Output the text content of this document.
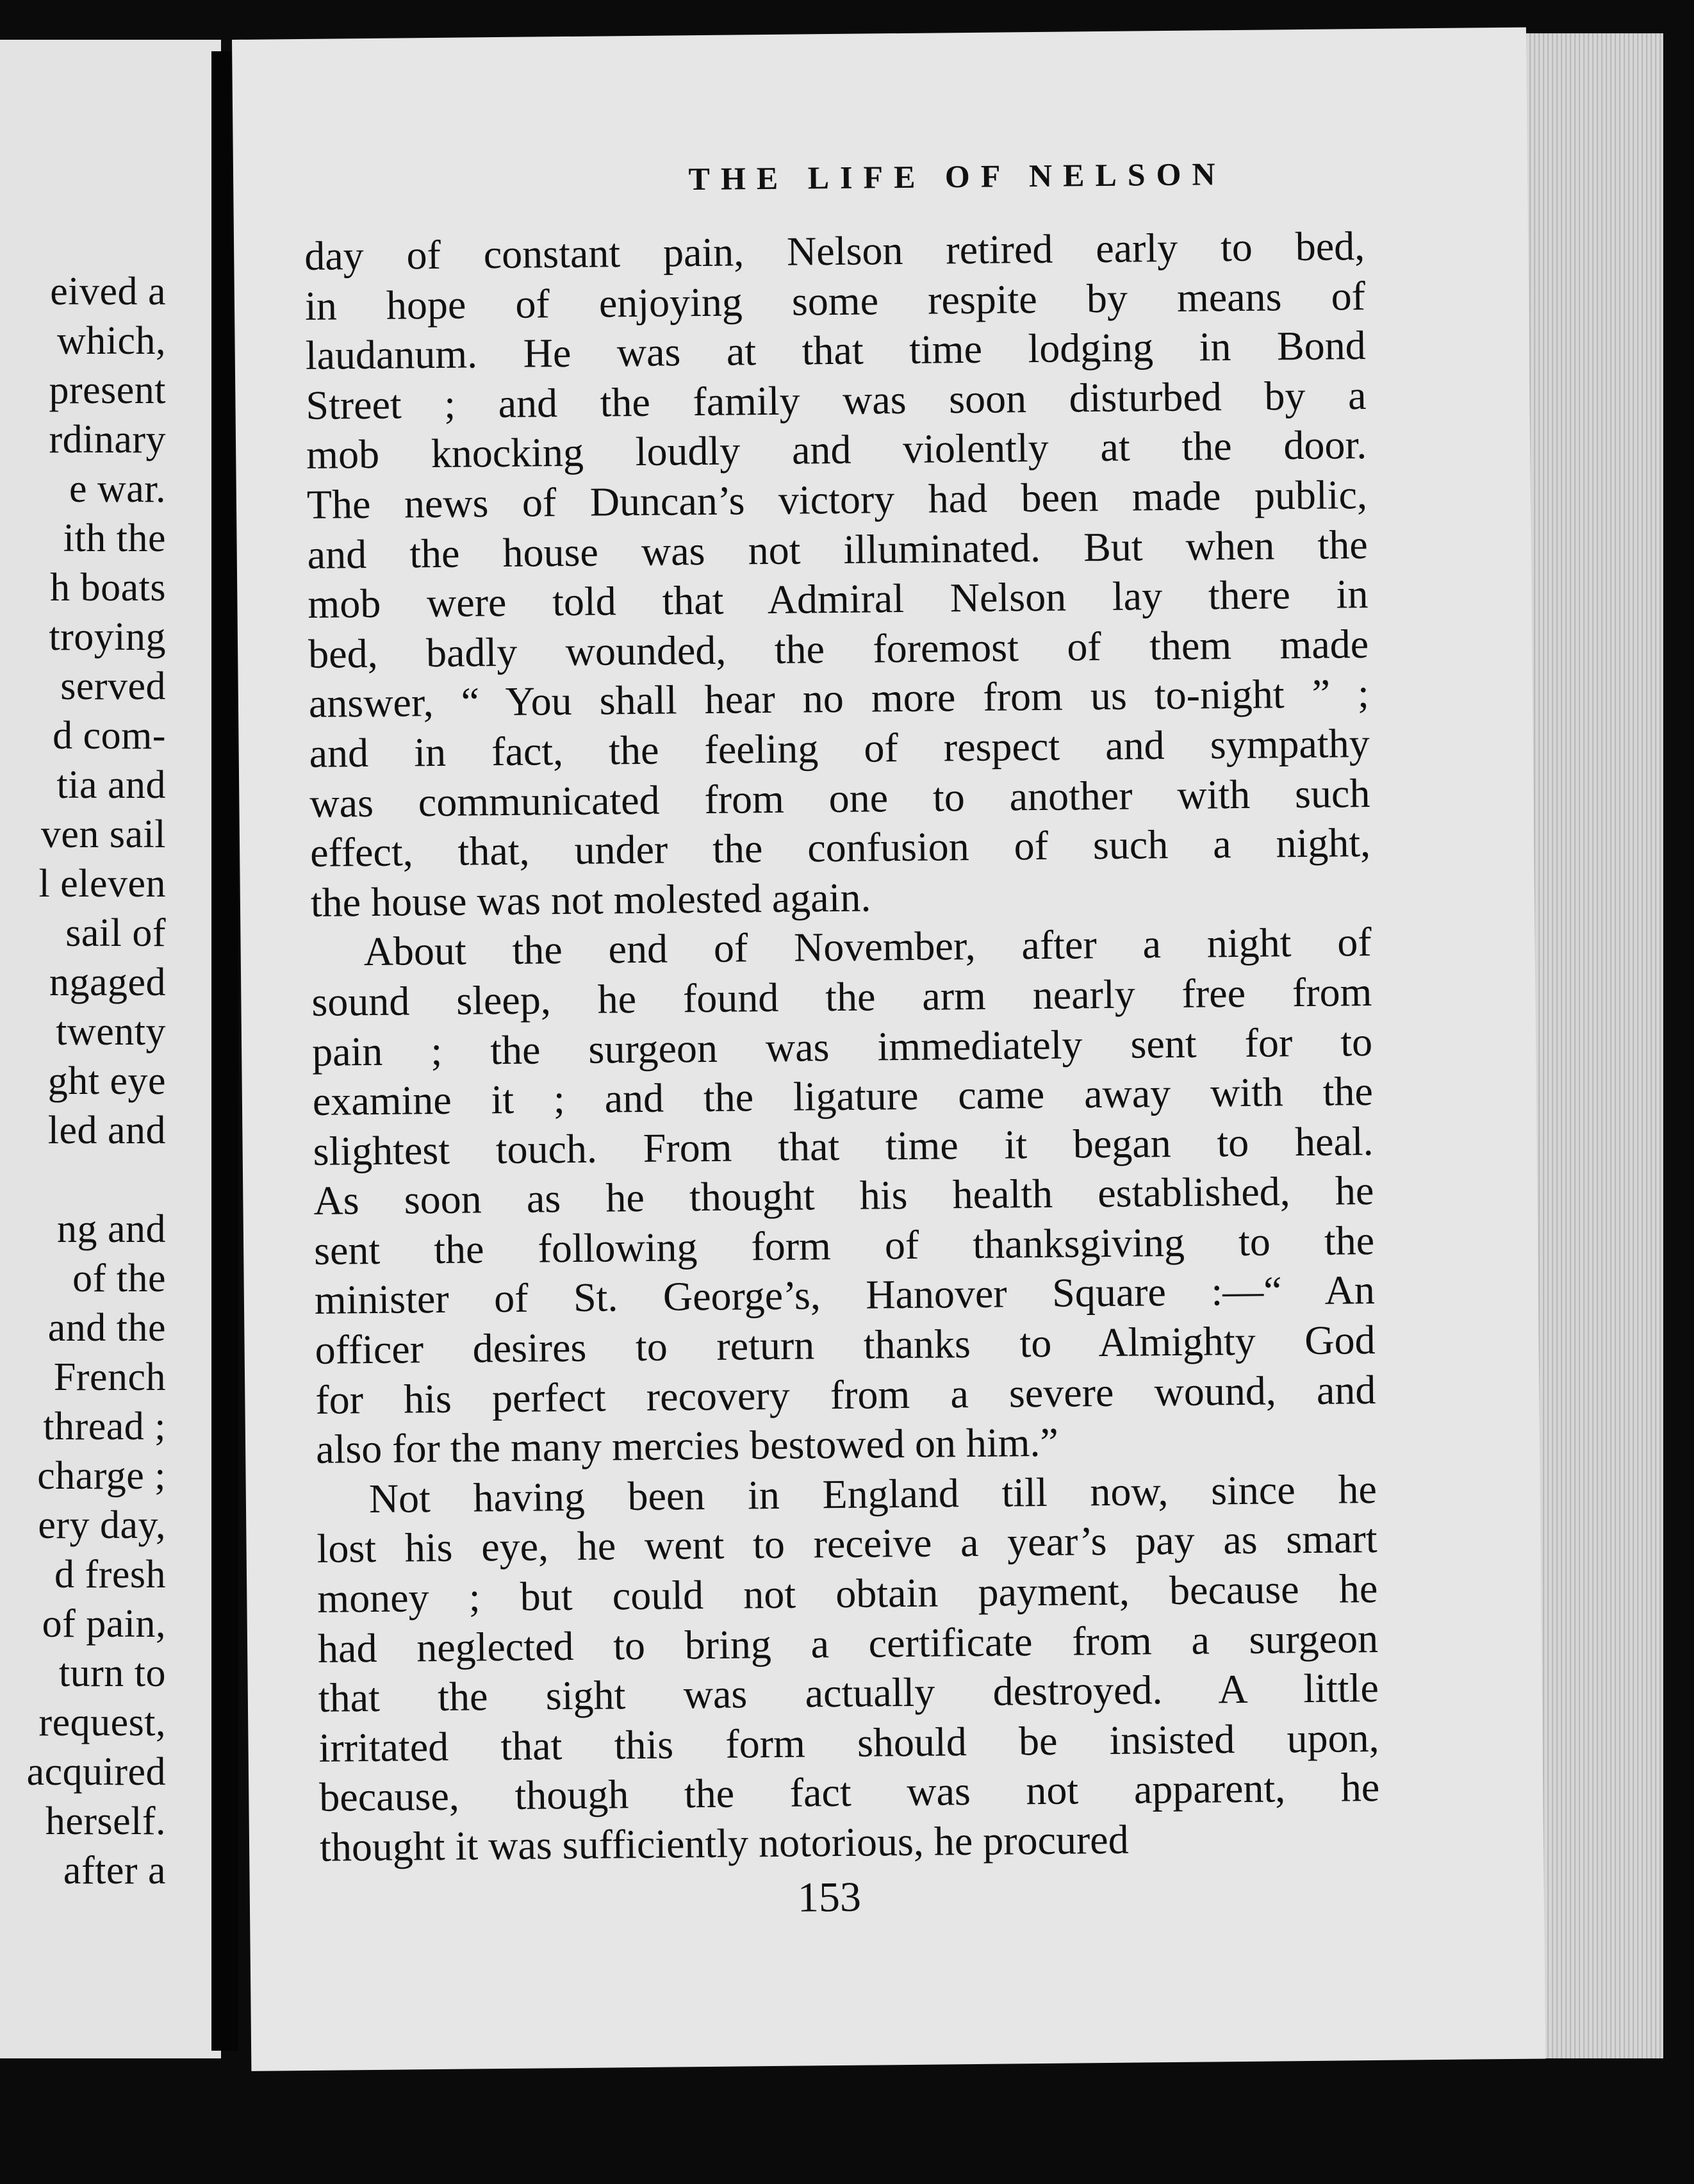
eived a
which,
present
rdinary
e war.
ith the
h boats
troying
served
d com-
tia and
ven sail
l eleven
sail of
ngaged
twenty
ght eye
led and

ng and
of the
and the
French
thread ;
charge ;
ery day,
d fresh
of pain,
turn to
request,
acquired
herself.
after a
THE LIFE OF NELSON
day of constant pain, Nelson retired early to bed,
in hope of enjoying some respite by means of
laudanum. He was at that time lodging in Bond
Street ; and the family was soon disturbed by a
mob knocking loudly and violently at the door.
The news of Duncan’s victory had been made public,
and the house was not illuminated. But when the
mob were told that Admiral Nelson lay there in
bed, badly wounded, the foremost of them made
answer, “ You shall hear no more from us to-night ” ;
and in fact, the feeling of respect and sympathy
was communicated from one to another with such
effect, that, under the confusion of such a night,
the house was not molested again.
About the end of November, after a night of
sound sleep, he found the arm nearly free from
pain ; the surgeon was immediately sent for to
examine it ; and the ligature came away with the
slightest touch. From that time it began to heal.
As soon as he thought his health established, he
sent the following form of thanksgiving to the
minister of St. George’s, Hanover Square :—“ An
officer desires to return thanks to Almighty God
for his perfect recovery from a severe wound, and
also for the many mercies bestowed on him.”
Not having been in England till now, since he
lost his eye, he went to receive a year’s pay as smart
money ; but could not obtain payment, because he
had neglected to bring a certificate from a surgeon
that the sight was actually destroyed. A little
irritated that this form should be insisted upon,
because, though the fact was not apparent, he
thought it was sufficiently notorious, he procured

153
